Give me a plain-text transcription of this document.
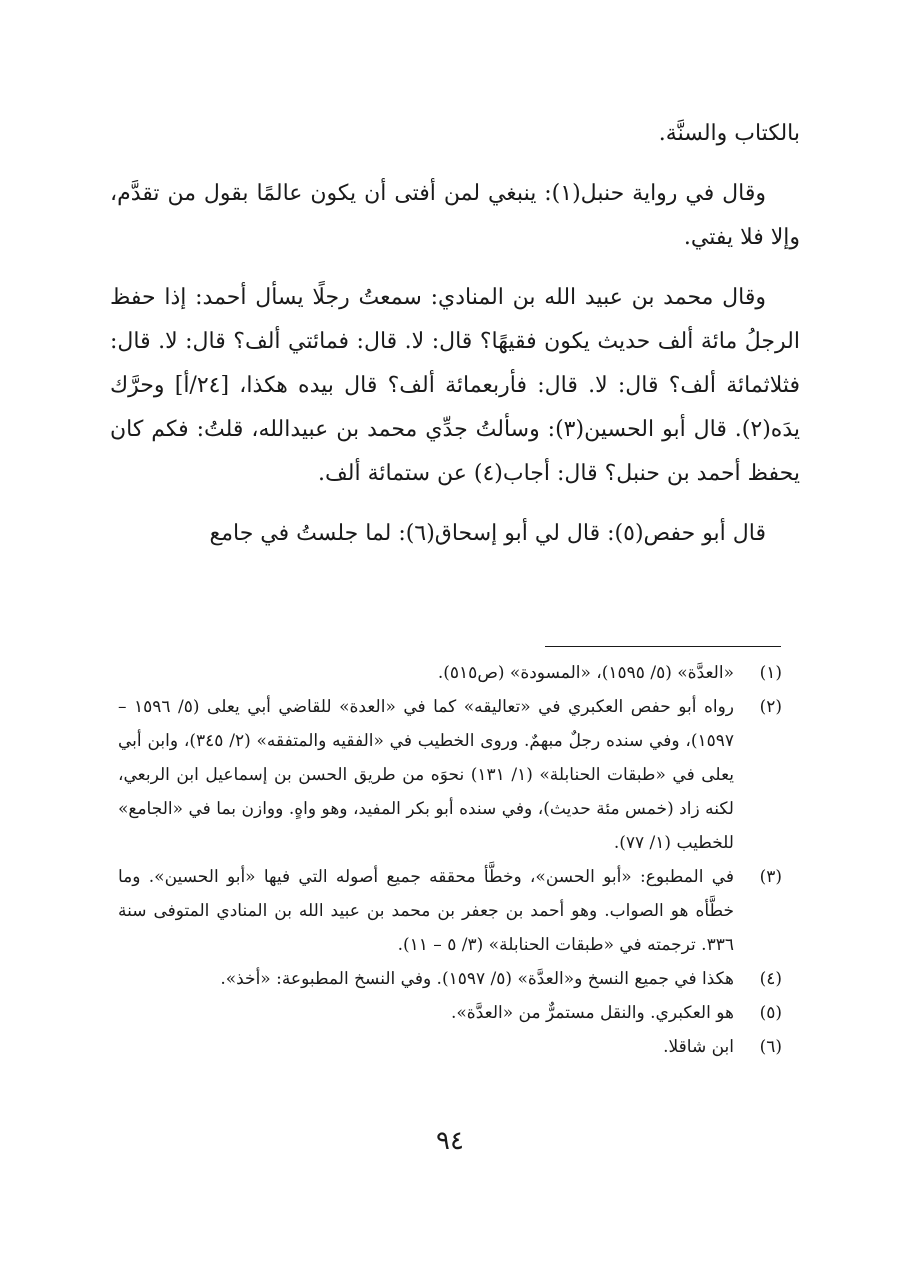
بالكتاب والسنَّة.

وقال في رواية حنبل(١): ينبغي لمن أفتى أن يكون عالمًا بقول من تقدَّم، وإلا فلا يفتي.

وقال محمد بن عبيد الله بن المنادي: سمعتُ رجلًا يسأل أحمد: إذا حفظ الرجلُ مائة ألف حديث يكون فقيهًا؟ قال: لا. قال: فمائتي ألف؟ قال: لا. قال: فثلاثمائة ألف؟ قال: لا. قال: فأربعمائة ألف؟ قال بيده هكذا، [٢٤/أ] وحرَّك يدَه(٢). قال أبو الحسين(٣): وسألتُ جدِّي محمد بن عبيدالله، قلتُ: فكم كان يحفظ أحمد بن حنبل؟ قال: أجاب(٤) عن ستمائة ألف.

قال أبو حفص(٥): قال لي أبو إسحاق(٦): لما جلستُ في جامع

(١)
«العدَّة» (٥/ ١٥٩٥)، «المسودة» (ص٥١٥).
(٢)
رواه أبو حفص العكبري في «تعاليقه» كما في «العدة» للقاضي أبي يعلى (٥/ ١٥٩٦ – ١٥٩٧)، وفي سنده رجلٌ مبهمٌ. وروى الخطيب في «الفقيه والمتفقه» (٢/ ٣٤٥)، وابن أبي يعلى في «طبقات الحنابلة» (١/ ١٣١) نحوَه من طريق الحسن بن إسماعيل ابن الربعي، لكنه زاد (خمس مئة حديث)، وفي سنده أبو بكر المفيد، وهو واهٍ. ووازن بما في «الجامع» للخطيب (١/ ٧٧).
(٣)
في المطبوع: «أبو الحسن»، وخطَّأ محققه جميع أصوله التي فيها «أبو الحسين». وما خطَّأه هو الصواب. وهو أحمد بن جعفر بن محمد بن عبيد الله بن المنادي المتوفى سنة ٣٣٦. ترجمته في «طبقات الحنابلة» (٣/ ٥ – ١١).
(٤)
هكذا في جميع النسخ و«العدَّة» (٥/ ١٥٩٧). وفي النسخ المطبوعة: «أخذ».
(٥)
هو العكبري. والنقل مستمرٌّ من «العدَّة».
(٦)
ابن شاقلا.
٩٤
